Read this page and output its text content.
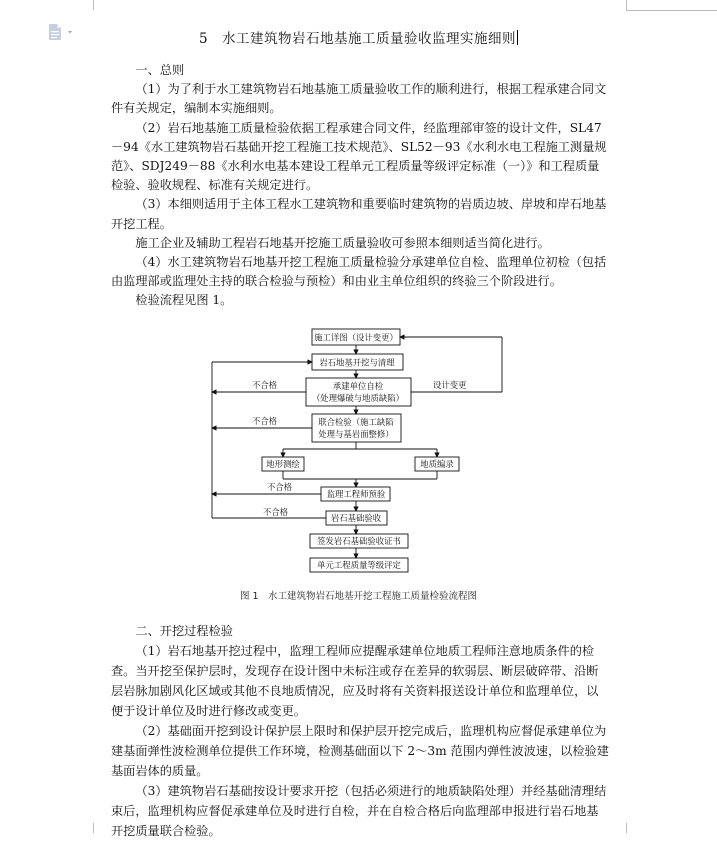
5　水工建筑物岩石地基施工质量验收监理实施细则

一、总则

（1）为了利于水工建筑物岩石地基施工质量验收工作的顺利进行，根据工程承建合同文件有关规定，编制本实施细则。

（2）岩石地基施工质量检验依据工程承建合同文件，经监理部审签的设计文件，SL47－94《水工建筑物岩石基础开挖工程施工技术规范》、SL52－93《水利水电工程施工测量规范》、SDJ249－88《水利水电基本建设工程单元工程质量等级评定标准（一）》和工程质量检验、验收规程、标准有关规定进行。

（3）本细则适用于主体工程水工建筑物和重要临时建筑物的岩质边坡、岸坡和岸石地基开挖工程。

施工企业及辅助工程岩石地基开挖施工质量验收可参照本细则适当简化进行。

（4）水工建筑物岩石地基开挖工程施工质量检验分承建单位自检、监理单位初检（包括由监理部或监理处主持的联合检验与预检）和由业主单位组织的终验三个阶段进行。

检验流程见图 1。

施工详图（设计变更）
岩石地基开挖与清理
承建单位自检
（处理爆破与地质缺陷）
联合检验（施工缺陷
处理与基岩面整修）
地形测绘	地质编录
监理工程师预验
岩石基础验收
签发岩石基础验收证书
单元工程质量等级评定
不合格
不合格
不合格
不合格
设计变更
图 1　水工建筑物岩石地基开挖工程施工质量检验流程图

二、开挖过程检验

（1）岩石地基开挖过程中，监理工程师应提醒承建单位地质工程师注意地质条件的检查。当开挖至保护层时，发现存在设计图中未标注或存在差异的软弱层、断层破碎带、沿断层岩脉加剧风化区域或其他不良地质情况，应及时将有关资料报送设计单位和监理单位，以便于设计单位及时进行修改或变更。

（2）基础面开挖到设计保护层上限时和保护层开挖完成后，监理机构应督促承建单位为建基面弹性波检测单位提供工作环境，检测基础面以下 2～3m 范围内弹性波波速，以检验建基面岩体的质量。

（3）建筑物岩石基础按设计要求开挖（包括必须进行的地质缺陷处理）并经基础清理结束后，监理机构应督促承建单位及时进行自检，并在自检合格后向监理部申报进行岩石地基开挖质量联合检验。
